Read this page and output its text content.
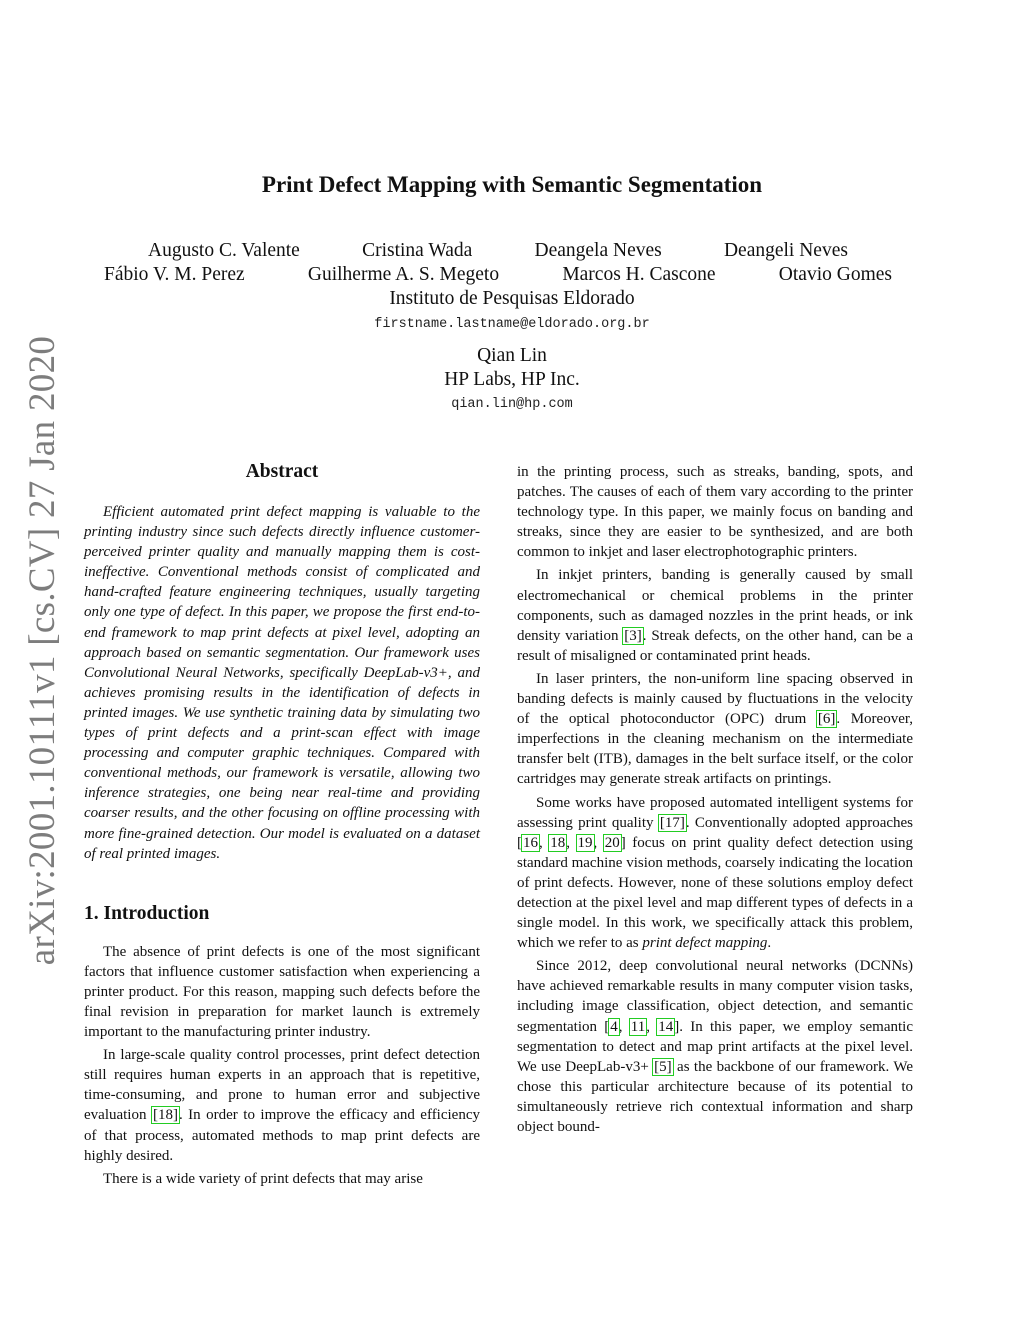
arXiv:2001.10111v1 [cs.CV] 27 Jan 2020
Print Defect Mapping with Semantic Segmentation
Augusto C. Valente	Cristina Wada	Deangela Neves	Deangeli Neves
Fábio V. M. Perez	Guilherme A. S. Megeto	Marcos H. Cascone	Otavio Gomes
Instituto de Pesquisas Eldorado
firstname.lastname@eldorado.org.br
Qian Lin
HP Labs, HP Inc.
qian.lin@hp.com
Abstract

Efficient automated print defect mapping is valuable to the printing industry since such defects directly influence customer-perceived printer quality and manually mapping them is cost-ineffective. Conventional methods consist of complicated and hand-crafted feature engineering techniques, usually targeting only one type of defect. In this paper, we propose the first end-to-end framework to map print defects at pixel level, adopting an approach based on semantic segmentation. Our framework uses Convolutional Neural Networks, specifically DeepLab-v3+, and achieves promising results in the identification of defects in printed images. We use synthetic training data by simulating two types of print defects and a print-scan effect with image processing and computer graphic techniques. Compared with conventional methods, our framework is versatile, allowing two inference strategies, one being near real-time and providing coarser results, and the other focusing on offline processing with more fine-grained detection. Our model is evaluated on a dataset of real printed images.

1. Introduction

The absence of print defects is one of the most significant factors that influence customer satisfaction when experiencing a printer product. For this reason, mapping such defects before the final revision in preparation for market launch is extremely important to the manufacturing printer industry.

In large-scale quality control processes, print defect detection still requires human experts in an approach that is repetitive, time-consuming, and prone to human error and subjective evaluation [18]. In order to improve the efficacy and efficiency of that process, automated methods to map print defects are highly desired.

There is a wide variety of print defects that may arise

in the printing process, such as streaks, banding, spots, and patches. The causes of each of them vary according to the printer technology type. In this paper, we mainly focus on banding and streaks, since they are easier to be synthesized, and are both common to inkjet and laser electrophotographic printers.

In inkjet printers, banding is generally caused by small electromechanical or chemical problems in the printer components, such as damaged nozzles in the print heads, or ink density variation [3]. Streak defects, on the other hand, can be a result of misaligned or contaminated print heads.

In laser printers, the non-uniform line spacing observed in banding defects is mainly caused by fluctuations in the velocity of the optical photoconductor (OPC) drum [6]. Moreover, imperfections in the cleaning mechanism on the intermediate transfer belt (ITB), damages in the belt surface itself, or the color cartridges may generate streak artifacts on printings.

Some works have proposed automated intelligent systems for assessing print quality [17]. Conventionally adopted approaches [16, 18, 19, 20] focus on print quality defect detection using standard machine vision methods, coarsely indicating the location of print defects. However, none of these solutions employ defect detection at the pixel level and map different types of defects in a single model. In this work, we specifically attack this problem, which we refer to as print defect mapping.

Since 2012, deep convolutional neural networks (DCNNs) have achieved remarkable results in many computer vision tasks, including image classification, object detection, and semantic segmentation [4, 11, 14]. In this paper, we employ semantic segmentation to detect and map print artifacts at the pixel level. We use DeepLab-v3+ [5] as the backbone of our framework. We chose this particular architecture because of its potential to simultaneously retrieve rich contextual information and sharp object bound-
